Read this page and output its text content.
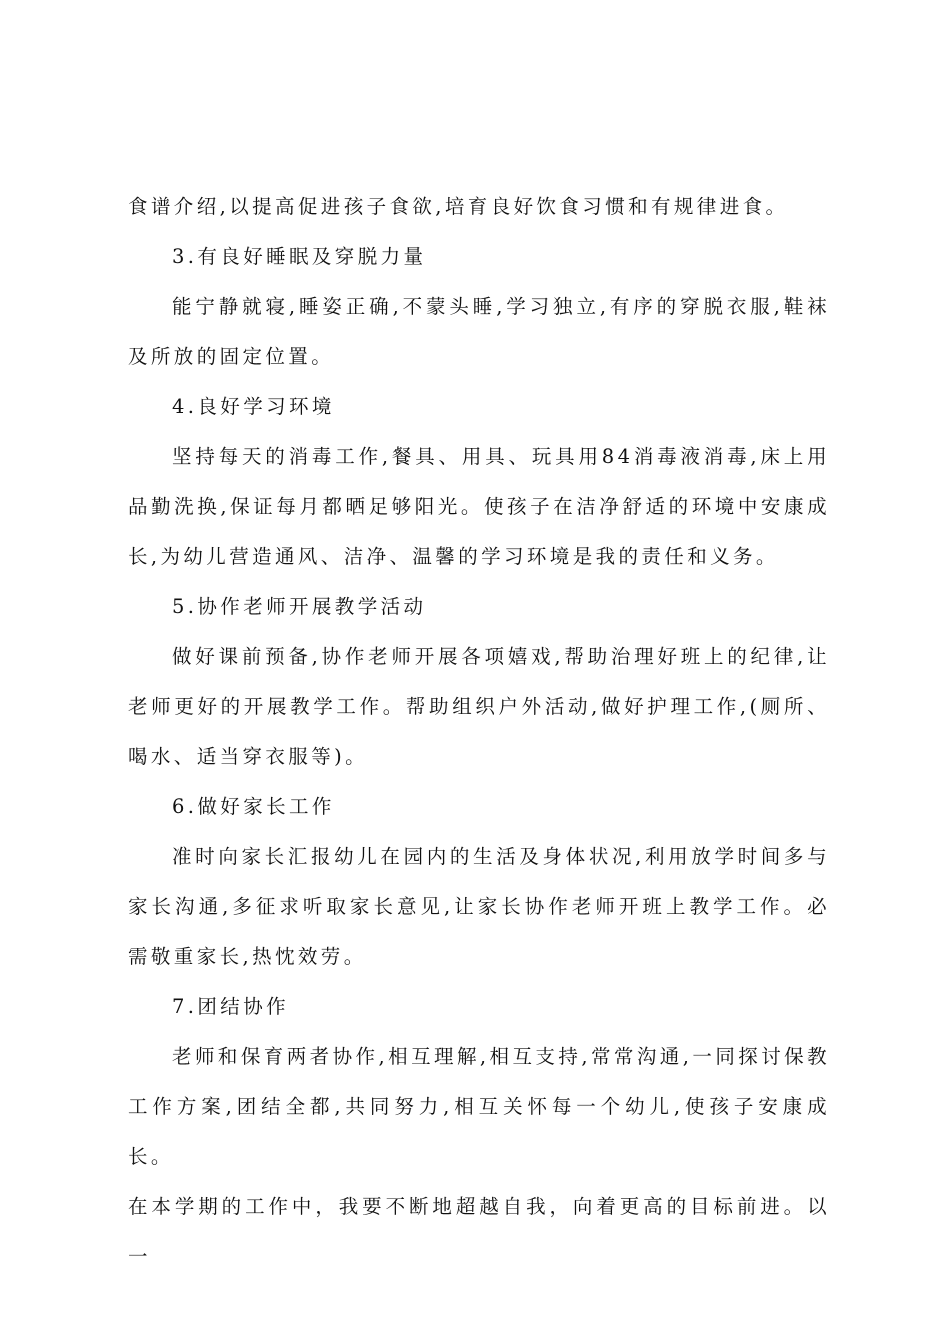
食谱介绍,以提高促进孩子食欲,培育良好饮食习惯和有规律进食。

3.有良好睡眠及穿脱力量

能宁静就寝,睡姿正确,不蒙头睡,学习独立,有序的穿脱衣服,鞋袜及所放的固定位置。

4.良好学习环境

坚持每天的消毒工作,餐具、用具、玩具用84消毒液消毒,床上用品勤洗换,保证每月都晒足够阳光。使孩子在洁净舒适的环境中安康成长,为幼儿营造通风、洁净、温馨的学习环境是我的责任和义务。

5.协作老师开展教学活动

做好课前预备,协作老师开展各项嬉戏,帮助治理好班上的纪律,让老师更好的开展教学工作。帮助组织户外活动,做好护理工作,(厕所、喝水、适当穿衣服等)。

6.做好家长工作

准时向家长汇报幼儿在园内的生活及身体状况,利用放学时间多与家长沟通,多征求听取家长意见,让家长协作老师开班上教学工作。必需敬重家长,热忱效劳。

7.团结协作

老师和保育两者协作,相互理解,相互支持,常常沟通,一同探讨保教工作方案,团结全都,共同努力,相互关怀每一个幼儿,使孩子安康成长。

在本学期的工作中，我要不断地超越自我，向着更高的目标前进。以一
